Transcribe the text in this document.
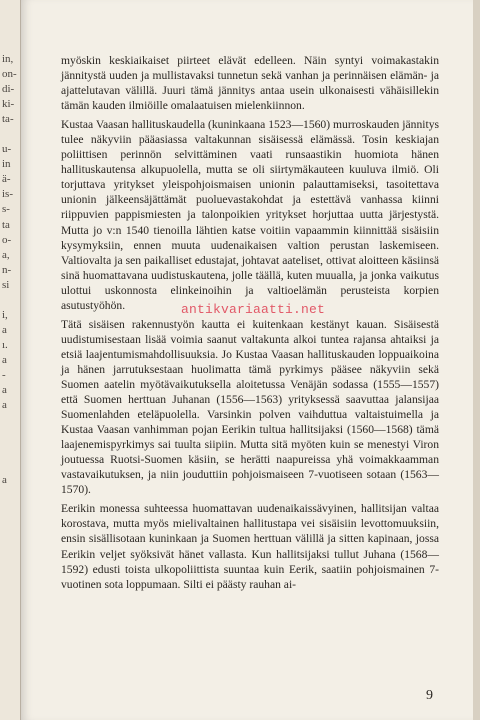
in,
on-
di-
ki-
ta-

u-
in
ä-
is-
s-
ta
o-
a,
n-
si

i,
a
ı.
a
-
a
a

a

myöskin keskiaikaiset piirteet elävät edelleen. Näin syntyi voimakastakin jännitystä uuden ja mullistavaksi tunnetun sekä vanhan ja perinnäisen elämän- ja ajattelutavan välillä. Juuri tämä jännitys antaa usein ulkonaisesti vähäisillekin tämän kauden ilmiöille omalaatuisen mielenkiinnon.

Kustaa Vaasan hallituskaudella (kuninkaana 1523—1560) murroskauden jännitys tulee näkyviin pääasiassa valtakunnan sisäisessä elämässä. Tosin keskiajan poliittisen perinnön selvittäminen vaati runsaastikin huomiota hänen hallituskautensa alkupuolella, mutta se oli siirtymäkauteen kuuluva ilmiö. Oli torjuttava yritykset yleispohjoismaisen unionin palauttamiseksi, tasoitettava unionin jälkeensäjättämät puoluevastakohdat ja estettävä vanhassa kiinni riippuvien pappismiesten ja talonpoikien yritykset horjuttaa uutta järjestystä. Mutta jo v:n 1540 tienoilla lähtien katse voitiin vapaammin kiinnittää sisäisiin kysymyksiin, ennen muuta uudenaikaisen valtion perustan laskemiseen. Valtiovalta ja sen paikalliset edustajat, johtavat aateliset, ottivat aloitteen käsiinsä sinä huomattavana uudistuskautena, jolle täällä, kuten muualla, ja jonka vaikutus ulottui uskonnosta elinkeinoihin ja valtioelämän perusteista korpien asutustyöhön.

Tätä sisäisen rakennustyön kautta ei kuitenkaan kestänyt kauan. Sisäisestä uudistumisestaan lisää voimia saanut valtakunta alkoi tuntea rajansa ahtaiksi ja etsiä laajentumismahdollisuuksia. Jo Kustaa Vaasan hallituskauden loppuaikoina ja hänen jarrutuksestaan huolimatta tämä pyrkimys pääsee näkyviin sekä Suomen aatelin myötävaikutuksella aloitetussa Venäjän sodassa (1555—1557) että Suomen herttuan Juhanan (1556—1563) yrityksessä saavuttaa jalansijaa Suomenlahden eteläpuolella. Varsinkin polven vaihduttua valtaistuimella ja Kustaa Vaasan vanhimman pojan Eerikin tultua hallitsijaksi (1560—1568) tämä laajenemispyrkimys sai tuulta siipiin. Mutta sitä myöten kuin se menestyi Viron joutuessa Ruotsi-Suomen käsiin, se herätti naapureissa yhä voimakkaamman vastavaikutuksen, ja niin jouduttiin pohjoismaiseen 7-vuotiseen sotaan (1563—1570).

Eerikin monessa suhteessa huomattavan uudenaikaissävyinen, hallitsijan valtaa korostava, mutta myös mielivaltainen hallitustapa vei sisäisiin levottomuuksiin, ensin sisällisotaan kuninkaan ja Suomen herttuan välillä ja sitten kapinaan, jossa Eerikin veljet syöksivät hänet vallasta. Kun hallitsijaksi tullut Juhana (1568—1592) edusti toista ulkopoliittista suuntaa kuin Eerik, saatiin pohjoismainen 7-vuotinen sota loppumaan. Silti ei päästy rauhan ai-

antikvariaatti.net
9
